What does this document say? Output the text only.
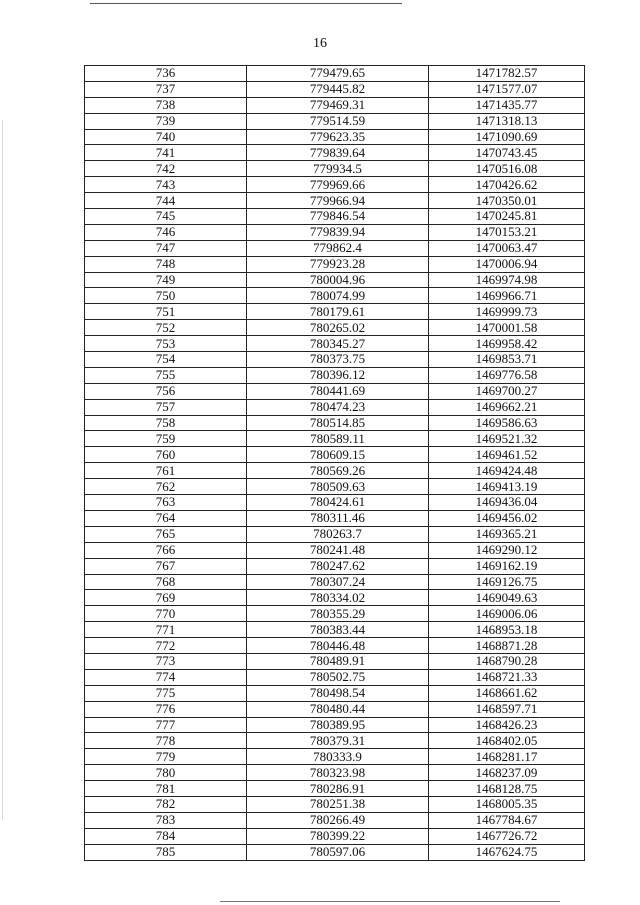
16
736	779479.65	1471782.57
737	779445.82	1471577.07
738	779469.31	1471435.77
739	779514.59	1471318.13
740	779623.35	1471090.69
741	779839.64	1470743.45
742	779934.5	1470516.08
743	779969.66	1470426.62
744	779966.94	1470350.01
745	779846.54	1470245.81
746	779839.94	1470153.21
747	779862.4	1470063.47
748	779923.28	1470006.94
749	780004.96	1469974.98
750	780074.99	1469966.71
751	780179.61	1469999.73
752	780265.02	1470001.58
753	780345.27	1469958.42
754	780373.75	1469853.71
755	780396.12	1469776.58
756	780441.69	1469700.27
757	780474.23	1469662.21
758	780514.85	1469586.63
759	780589.11	1469521.32
760	780609.15	1469461.52
761	780569.26	1469424.48
762	780509.63	1469413.19
763	780424.61	1469436.04
764	780311.46	1469456.02
765	780263.7	1469365.21
766	780241.48	1469290.12
767	780247.62	1469162.19
768	780307.24	1469126.75
769	780334.02	1469049.63
770	780355.29	1469006.06
771	780383.44	1468953.18
772	780446.48	1468871.28
773	780489.91	1468790.28
774	780502.75	1468721.33
775	780498.54	1468661.62
776	780480.44	1468597.71
777	780389.95	1468426.23
778	780379.31	1468402.05
779	780333.9	1468281.17
780	780323.98	1468237.09
781	780286.91	1468128.75
782	780251.38	1468005.35
783	780266.49	1467784.67
784	780399.22	1467726.72
785	780597.06	1467624.75
